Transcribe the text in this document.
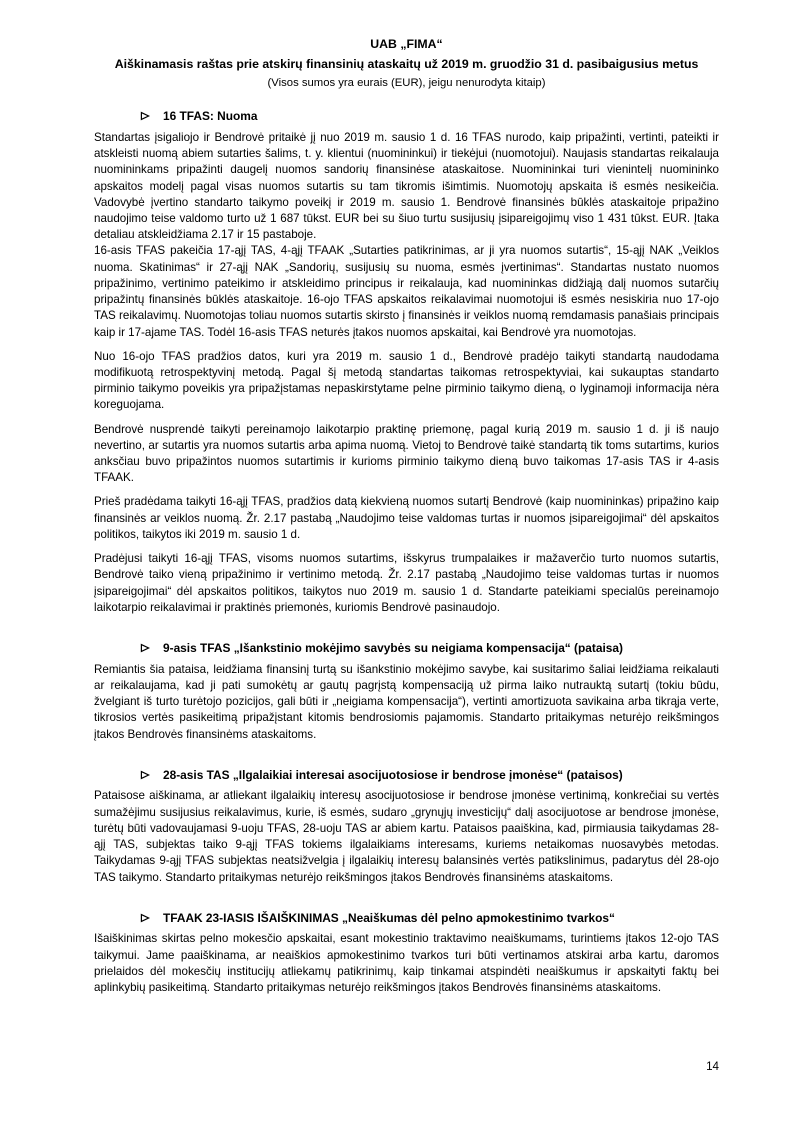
UAB „FIMA“
Aiškinamasis raštas prie atskirų finansinių ataskaitų už 2019 m. gruodžio 31 d. pasibaigusius metus
(Visos sumos yra eurais (EUR), jeigu nenurodyta kitaip)
16 TFAS: Nuoma

Standartas įsigaliojo ir Bendrovė pritaikė jį nuo 2019 m. sausio 1 d. 16 TFAS nurodo, kaip pripažinti, vertinti, pateikti ir atskleisti nuomą abiem sutarties šalims, t. y. klientui (nuomininkui) ir tiekėjui (nuomotojui). Naujasis standartas reikalauja nuomininkams pripažinti daugelį nuomos sandorių finansinėse ataskaitose. Nuomininkai turi vienintelį nuomininko apskaitos modelį pagal visas nuomos sutartis su tam tikromis išimtimis. Nuomotojų apskaita iš esmės nesikeičia. Vadovybė įvertino standarto taikymo poveikį ir 2019 m. sausio 1. Bendrovė finansinės būklės ataskaitoje pripažino naudojimo teise valdomo turto už 1 687 tūkst. EUR bei su šiuo turtu susijusių įsipareigojimų viso 1 431 tūkst. EUR. Įtaka detaliau atskleidžiama 2.17 ir 15 pastaboje.

16-asis TFAS pakeičia 17-ąjį TAS, 4-ąjį TFAAK „Sutarties patikrinimas, ar ji yra nuomos sutartis“, 15-ąjį NAK „Veiklos nuoma. Skatinimas“ ir 27-ąjį NAK „Sandorių, susijusių su nuoma, esmės įvertinimas“. Standartas nustato nuomos pripažinimo, vertinimo pateikimo ir atskleidimo principus ir reikalauja, kad nuomininkas didžiąją dalį nuomos sutarčių pripažintų finansinės būklės ataskaitoje. 16-ojo TFAS apskaitos reikalavimai nuomotojui iš esmės nesiskiria nuo 17-ojo TAS reikalavimų. Nuomotojas toliau nuomos sutartis skirsto į finansinės ir veiklos nuomą remdamasis panašiais principais kaip ir 17-ajame TAS. Todėl 16-asis TFAS neturės įtakos nuomos apskaitai, kai Bendrovė yra nuomotojas.

Nuo 16-ojo TFAS pradžios datos, kuri yra 2019 m. sausio 1 d., Bendrovė pradėjo taikyti standartą naudodama modifikuotą retrospektyvinį metodą. Pagal šį metodą standartas taikomas retrospektyviai, kai sukauptas standarto pirminio taikymo poveikis yra pripažįstamas nepaskirstytame pelne pirminio taikymo dieną, o lyginamoji informacija nėra koreguojama.

Bendrovė nusprendė taikyti pereinamojo laikotarpio praktinę priemonę, pagal kurią 2019 m. sausio 1 d. ji iš naujo nevertino, ar sutartis yra nuomos sutartis arba apima nuomą. Vietoj to Bendrovė taikė standartą tik toms sutartims, kurios anksčiau buvo pripažintos nuomos sutartimis ir kurioms pirminio taikymo dieną buvo taikomas 17-asis TAS ir 4-asis TFAAK.

Prieš pradėdama taikyti 16-ąjį TFAS, pradžios datą kiekvieną nuomos sutartį Bendrovė (kaip nuomininkas) pripažino kaip finansinės ar veiklos nuomą. Žr. 2.17 pastabą „Naudojimo teise valdomas turtas ir nuomos įsipareigojimai“ dėl apskaitos politikos, taikytos iki 2019 m. sausio 1 d.

Pradėjusi taikyti 16-ąjį TFAS, visoms nuomos sutartims, išskyrus trumpalaikes ir mažaverčio turto nuomos sutartis, Bendrovė taiko vieną pripažinimo ir vertinimo metodą. Žr. 2.17 pastabą „Naudojimo teise valdomas turtas ir nuomos įsipareigojimai“ dėl apskaitos politikos, taikytos nuo 2019 m. sausio 1 d. Standarte pateikiami specialūs pereinamojo laikotarpio reikalavimai ir praktinės priemonės, kuriomis Bendrovė pasinaudojo.

9-asis TFAS „Išankstinio mokėjimo savybės su neigiama kompensacija“ (pataisa)

Remiantis šia pataisa, leidžiama finansinį turtą su išankstinio mokėjimo savybe, kai susitarimo šaliai leidžiama reikalauti ar reikalaujama, kad ji pati sumokėtų ar gautų pagrįstą kompensaciją už pirma laiko nutrauktą sutartį (tokiu būdu, žvelgiant iš turto turėtojo pozicijos, gali būti ir „neigiama kompensacija“), vertinti amortizuota savikaina arba tikrąja verte, tikrosios vertės pasikeitimą pripažįstant kitomis bendrosiomis pajamomis. Standarto pritaikymas neturėjo reikšmingos įtakos Bendrovės finansinėms ataskaitoms.

28-asis TAS „Ilgalaikiai interesai asocijuotosiose ir bendrose įmonėse“ (pataisos)

Pataisose aiškinama, ar atliekant ilgalaikių interesų asocijuotosiose ir bendrose įmonėse vertinimą, konkrečiai su vertės sumažėjimu susijusius reikalavimus, kurie, iš esmės, sudaro „grynųjų investicijų“ dalį asocijuotose ar bendrose įmonėse, turėtų būti vadovaujamasi 9-uoju TFAS, 28-uoju TAS ar abiem kartu. Pataisos paaiškina, kad, pirmiausia taikydamas 28-ąjį TAS, subjektas taiko 9-ąjį TFAS tokiems ilgalaikiams interesams, kuriems netaikomas nuosavybės metodas. Taikydamas 9-ąjį TFAS subjektas neatsižvelgia į ilgalaikių interesų balansinės vertės patikslinimus, padarytus dėl 28-ojo TAS taikymo. Standarto pritaikymas neturėjo reikšmingos įtakos Bendrovės finansinėms ataskaitoms.

TFAAK 23-IASIS IŠAIŠKINIMAS „Neaiškumas dėl pelno apmokestinimo tvarkos“

Išaiškinimas skirtas pelno mokesčio apskaitai, esant mokestinio traktavimo neaiškumams, turintiems įtakos 12-ojo TAS taikymui. Jame paaiškinama, ar neaiškios apmokestinimo tvarkos turi būti vertinamos atskirai arba kartu, daromos prielaidos dėl mokesčių institucijų atliekamų patikrinimų, kaip tinkamai atspindėti neaiškumus ir apskaityti faktų bei aplinkybių pasikeitimą. Standarto pritaikymas neturėjo reikšmingos įtakos Bendrovės finansinėms ataskaitoms.

14
